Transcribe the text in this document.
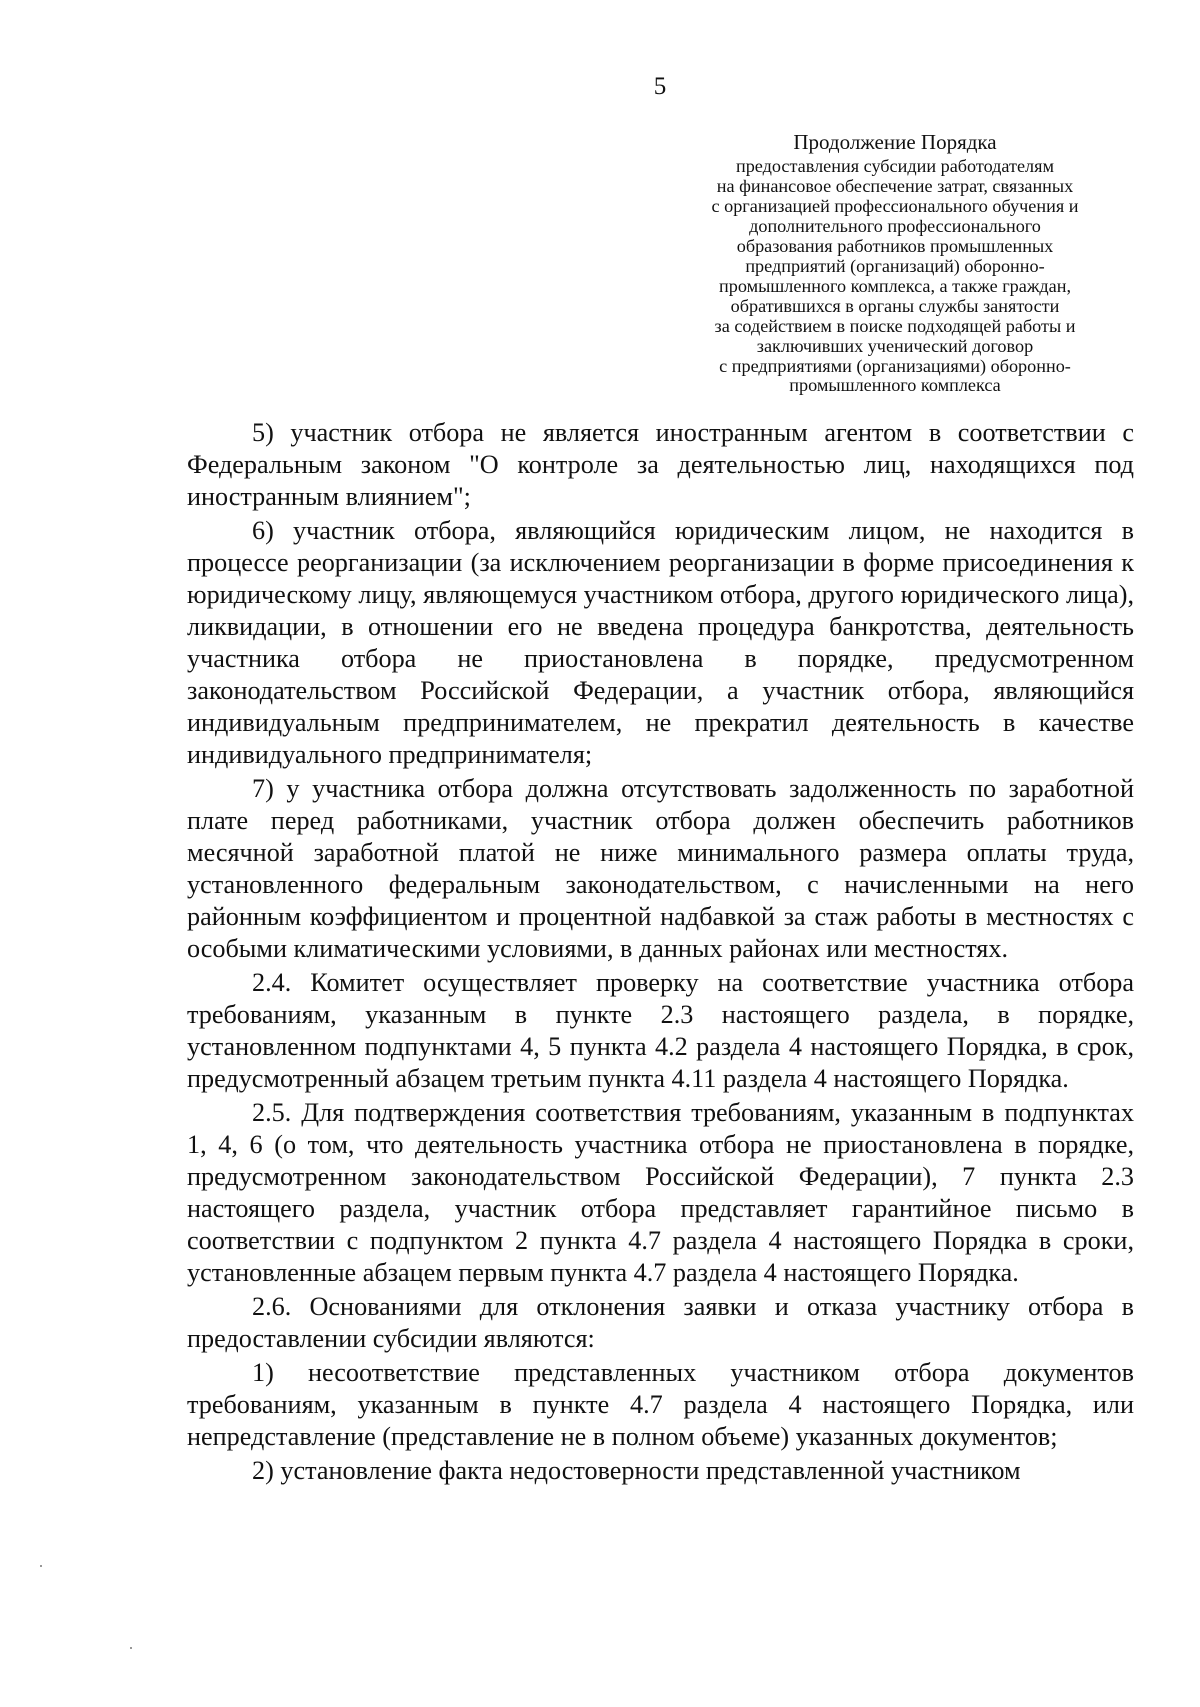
5
Продолжение Порядка
предоставления субсидии работодателям
на финансовое обеспечение затрат, связанных
с организацией профессионального обучения и
дополнительного профессионального
образования работников промышленных
предприятий (организаций) оборонно-
промышленного комплекса, а также граждан,
обратившихся в органы службы занятости
за содействием в поиске подходящей работы и
заключивших ученический договор
с предприятиями (организациями) оборонно-
промышленного комплекса

5) участник отбора не является иностранным агентом в соответствии с Федеральным законом "О контроле за деятельностью лиц, находящихся под иностранным влиянием";

6) участник отбора, являющийся юридическим лицом, не находится в процессе реорганизации (за исключением реорганизации в форме присоединения к юридическому лицу, являющемуся участником отбора, другого юридического лица), ликвидации, в отношении его не введена процедура банкротства, деятельность участника отбора не приостановлена в порядке, предусмотренном законодательством Российской Федерации, а участник отбора, являющийся индивидуальным предпринимателем, не прекратил деятельность в качестве индивидуального предпринимателя;

7) у участника отбора должна отсутствовать задолженность по заработной плате перед работниками, участник отбора должен обеспечить работников месячной заработной платой не ниже минимального размера оплаты труда, установленного федеральным законодательством, с начисленными на него районным коэффициентом и процентной надбавкой за стаж работы в местностях с особыми климатическими условиями, в данных районах или местностях.

2.4. Комитет осуществляет проверку на соответствие участника отбора требованиям, указанным в пункте 2.3 настоящего раздела, в порядке, установленном подпунктами 4, 5 пункта 4.2 раздела 4 настоящего Порядка, в срок, предусмотренный абзацем третьим пункта 4.11 раздела 4 настоящего Порядка.

2.5. Для подтверждения соответствия требованиям, указанным в подпунктах 1, 4, 6 (о том, что деятельность участника отбора не приостановлена в порядке, предусмотренном законодательством Российской Федерации), 7 пункта 2.3 настоящего раздела, участник отбора представляет гарантийное письмо в соответствии с подпунктом 2 пункта 4.7 раздела 4 настоящего Порядка в сроки, установленные абзацем первым пункта 4.7 раздела 4 настоящего Порядка.

2.6. Основаниями для отклонения заявки и отказа участнику отбора в предоставлении субсидии являются:

1) несоответствие представленных участником отбора документов требованиям, указанным в пункте 4.7 раздела 4 настоящего Порядка, или непредставление (представление не в полном объеме) указанных документов;

2) установление факта недостоверности представленной участником
